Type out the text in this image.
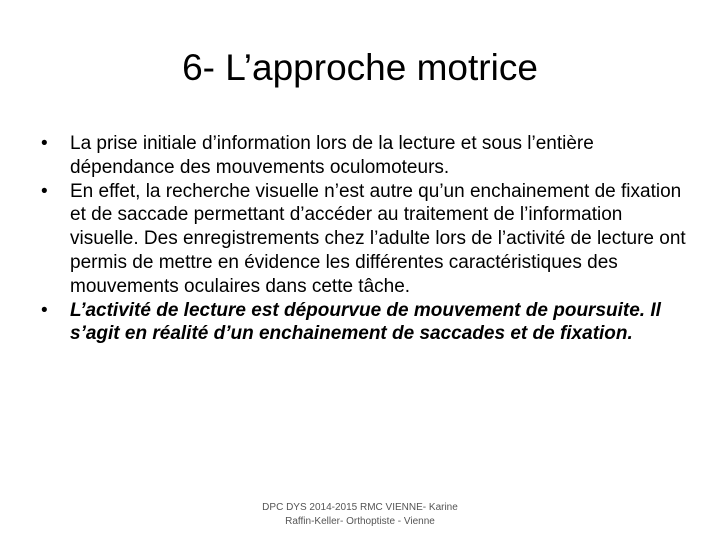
6- L’approche motrice
• La prise initiale d’information lors de la lecture et sous l’entière dépendance des mouvements oculomoteurs.
• En effet, la recherche visuelle n’est autre qu’un enchainement de fixation et de saccade permettant d’accéder au traitement de l’information visuelle. Des enregistrements chez l’adulte lors de l’activité de lecture ont permis de mettre en évidence les différentes caractéristiques des mouvements oculaires dans cette tâche.
• L’activité de lecture est dépourvue de mouvement de poursuite. Il s’agit en réalité d’un enchainement de saccades et de fixation.
DPC DYS 2014-2015 RMC VIENNE- Karine
Raffin-Keller- Orthoptiste - Vienne
